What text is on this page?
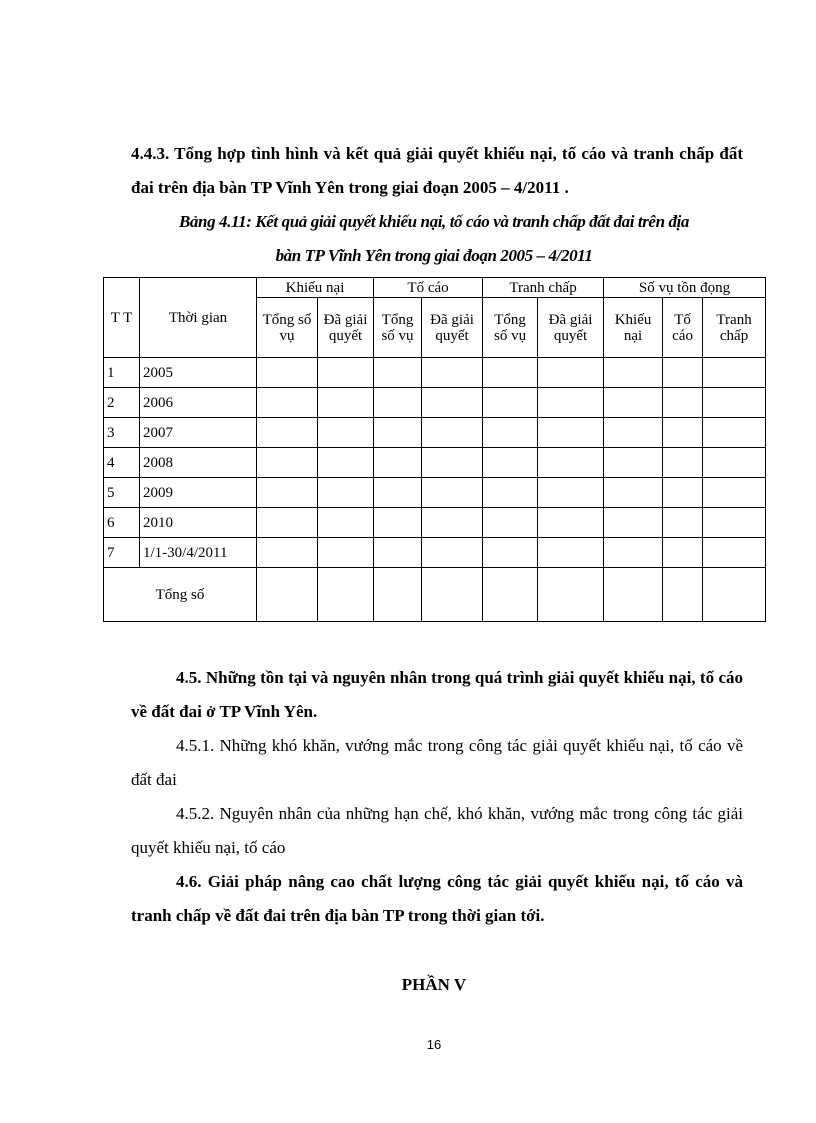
4.4.3. Tổng hợp tình hình và kết quả giải quyết khiếu nại, tố cáo và tranh chấp đất đai trên địa bàn TP Vĩnh Yên trong giai đoạn 2005 – 4/2011 .
Bảng 4.11: Kết quả giải quyết khiếu nại, tố cáo và tranh chấp đất đai trên địa
bàn TP Vĩnh Yên trong giai đoạn 2005 – 4/2011
T T	Thời gian	Khiếu nại		Tố cáo		Tranh chấp		Số vụ tồn đọng		
		Tổng số vụ	Đã giải quyết	Tổng số vụ	Đã giải quyết	Tổng số vụ	Đã giải quyết	Khiếu nại	Tố cáo	Tranh chấp
1	2005									
2	2006									
3	2007									
4	2008									
5	2009									
6	2010									
7	1/1-30/4/2011									
Tổng số										
4.5. Những tồn tại và nguyên nhân trong quá trình giải quyết khiếu nại, tố cáo về đất đai ở TP Vĩnh Yên.
4.5.1. Những khó khăn, vướng mắc trong công tác giải quyết khiếu nại, tố cáo về đất đai
4.5.2. Nguyên nhân của những hạn chế, khó khăn, vướng mắc trong công tác giải quyết khiếu nại, tố cáo
4.6. Giải pháp nâng cao chất lượng công tác giải quyết khiếu nại, tố cáo và tranh chấp về đất đai trên địa bàn TP trong thời gian tới.
PHẦN V
16
